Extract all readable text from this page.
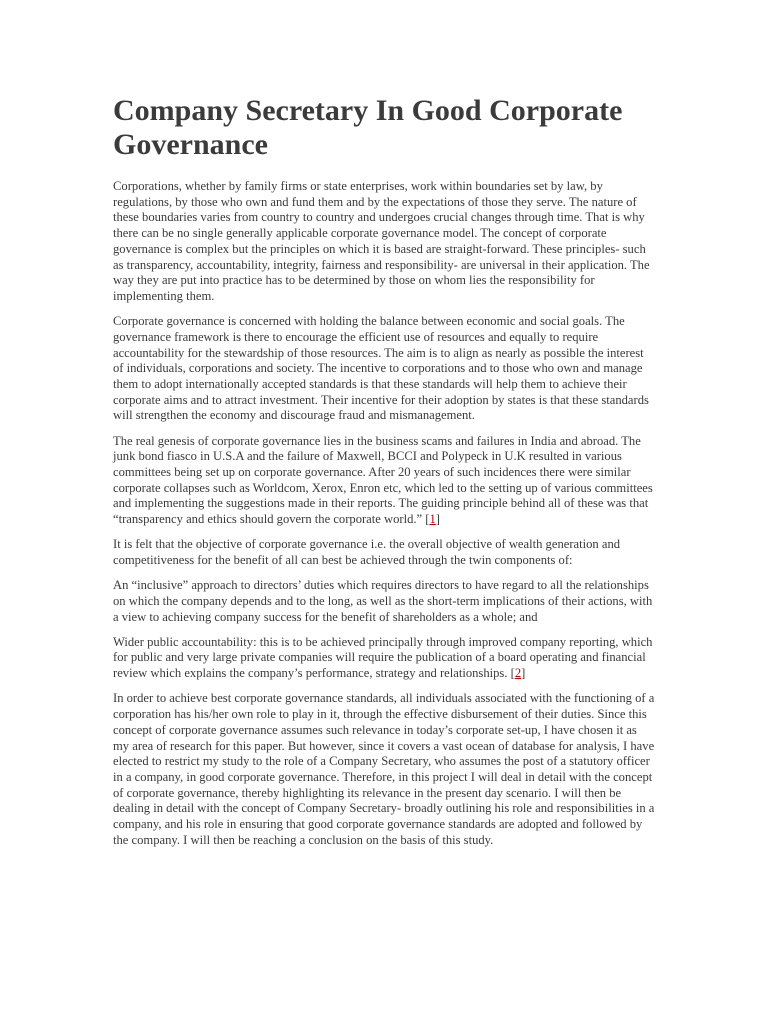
Company Secretary In Good Corporate Governance

Corporations, whether by family firms or state enterprises, work within boundaries set by law, by regulations, by those who own and fund them and by the expectations of those they serve. The nature of these boundaries varies from country to country and undergoes crucial changes through time. That is why there can be no single generally applicable corporate governance model. The concept of corporate governance is complex but the principles on which it is based are straight-forward. These principles- such as transparency, accountability, integrity, fairness and responsibility- are universal in their application. The way they are put into practice has to be determined by those on whom lies the responsibility for implementing them.

Corporate governance is concerned with holding the balance between economic and social goals. The governance framework is there to encourage the efficient use of resources and equally to require accountability for the stewardship of those resources. The aim is to align as nearly as possible the interest of individuals, corporations and society. The incentive to corporations and to those who own and manage them to adopt internationally accepted standards is that these standards will help them to achieve their corporate aims and to attract investment. Their incentive for their adoption by states is that these standards will strengthen the economy and discourage fraud and mismanagement.

The real genesis of corporate governance lies in the business scams and failures in India and abroad. The junk bond fiasco in U.S.A and the failure of Maxwell, BCCI and Polypeck in U.K resulted in various committees being set up on corporate governance. After 20 years of such incidences there were similar corporate collapses such as Worldcom, Xerox, Enron etc, which led to the setting up of various committees and implementing the suggestions made in their reports. The guiding principle behind all of these was that “transparency and ethics should govern the corporate world.” [1]

It is felt that the objective of corporate governance i.e. the overall objective of wealth generation and competitiveness for the benefit of all can best be achieved through the twin components of:

An “inclusive” approach to directors’ duties which requires directors to have regard to all the relationships on which the company depends and to the long, as well as the short-term implications of their actions, with a view to achieving company success for the benefit of shareholders as a whole; and

Wider public accountability: this is to be achieved principally through improved company reporting, which for public and very large private companies will require the publication of a board operating and financial review which explains the company’s performance, strategy and relationships. [2]

In order to achieve best corporate governance standards, all individuals associated with the functioning of a corporation has his/her own role to play in it, through the effective disbursement of their duties. Since this concept of corporate governance assumes such relevance in today’s corporate set-up, I have chosen it as my area of research for this paper. But however, since it covers a vast ocean of database for analysis, I have elected to restrict my study to the role of a Company Secretary, who assumes the post of a statutory officer in a company, in good corporate governance. Therefore, in this project I will deal in detail with the concept of corporate governance, thereby highlighting its relevance in the present day scenario. I will then be dealing in detail with the concept of Company Secretary- broadly outlining his role and responsibilities in a company, and his role in ensuring that good corporate governance standards are adopted and followed by the company. I will then be reaching a conclusion on the basis of this study.
